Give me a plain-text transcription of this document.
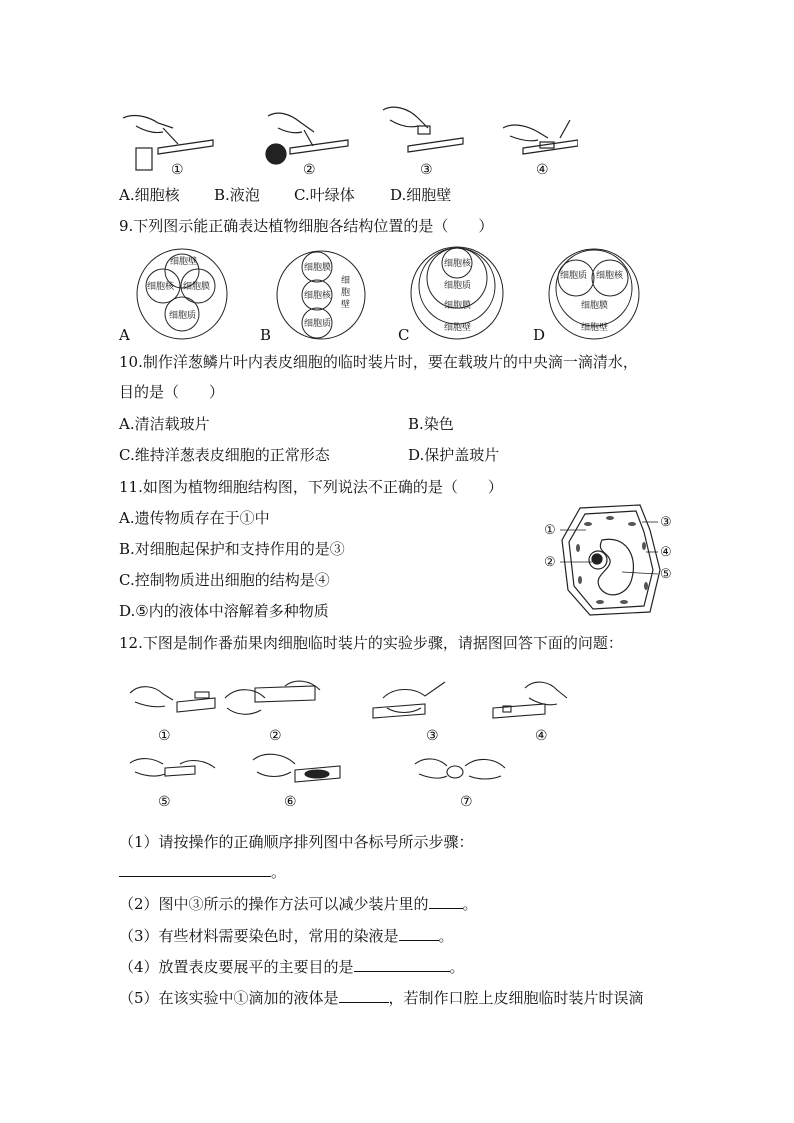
①	②	③	④
A.细胞核 B.液泡 C.叶绿体 D.细胞壁
9.下列图示能正确表达植物细胞各结构位置的是（　　）
细胞壁
细胞核 细胞膜
细胞质
细胞膜
细胞核
细胞质
细
胞
壁
细胞核
细胞质
细胞膜
细胞壁
细胞质 细胞核
细胞膜
细胞壁
A	B	C	D
10.制作洋葱鳞片叶内表皮细胞的临时装片时，要在载玻片的中央滴一滴清水，
目的是（　　）
A.清洁载玻片	B.染色
C.维持洋葱表皮细胞的正常形态	D.保护盖玻片
11.如图为植物细胞结构图，下列说法不正确的是（　　）
A.遗传物质存在于①中
B.对细胞起保护和支持作用的是③
C.控制物质进出细胞的结构是④
D.⑤内的液体中溶解着多种物质
①
②
③
④
⑤
12.下图是制作番茄果肉细胞临时装片的实验步骤，请据图回答下面的问题：
①	②	③	④
⑤	⑥	⑦
（1）请按操作的正确顺序排列图中各标号所示步骤：
。
（2）图中③所示的操作方法可以减少装片里的 。
（3）有些材料需要染色时，常用的染液是	。
（4）放置表皮要展平的主要目的是	。
（5）在该实验中①滴加的液体是	，若制作口腔上皮细胞临时装片时误滴
